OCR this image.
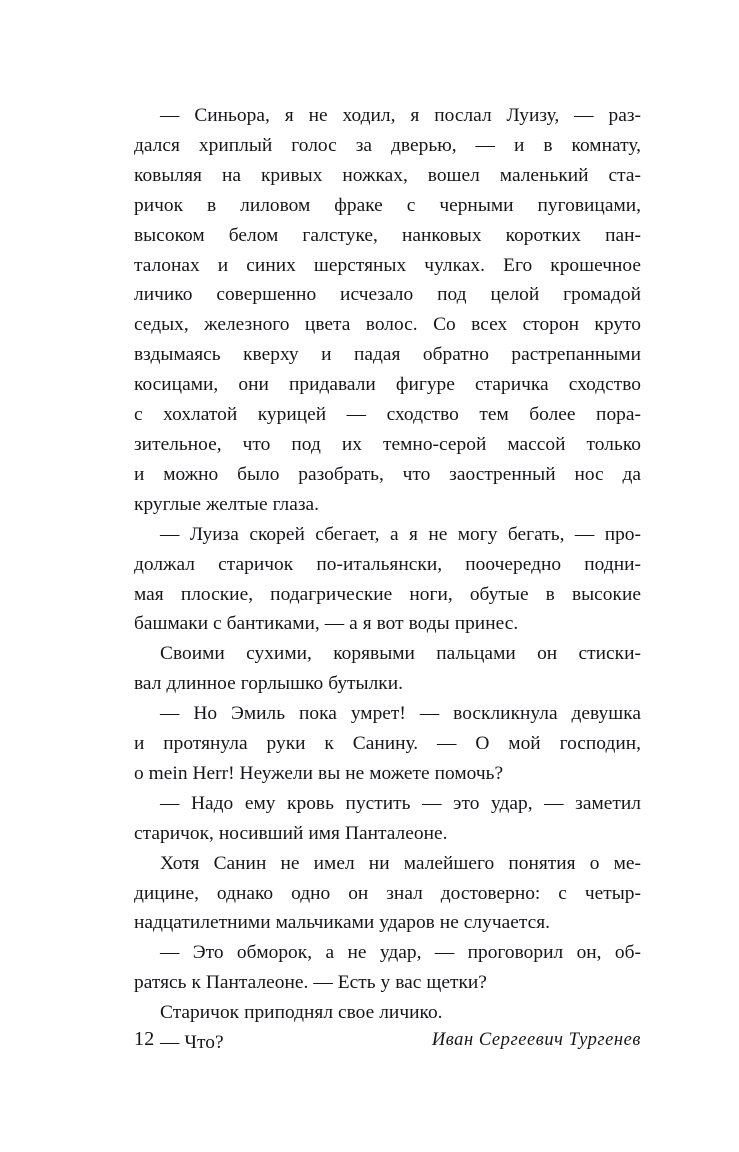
— Синьора, я не ходил, я послал Луизу, — раз-
дался хриплый голос за дверью, — и в комнату,
ковыляя на кривых ножках, вошел маленький ста-
ричок в лиловом фраке с черными пуговицами,
высоком белом галстуке, нанковых коротких пан-
талонах и синих шерстяных чулках. Его крошечное
личико совершенно исчезало под целой громадой
седых, железного цвета волос. Со всех сторон круто
вздымаясь кверху и падая обратно растрепанными
косицами, они придавали фигуре старичка сходство
с хохлатой курицей — сходство тем более пора-
зительное, что под их темно-серой массой только
и можно было разобрать, что заостренный нос да
круглые желтые глаза.

— Луиза скорей сбегает, а я не могу бегать, — про-
должал старичок по-итальянски, поочередно подни-
мая плоские, подагрические ноги, обутые в высокие
башмаки с бантиками, — а я вот воды принес.

Своими сухими, корявыми пальцами он стиски-
вал длинное горлышко бутылки.

— Но Эмиль пока умрет! — воскликнула девушка
и протянула руки к Санину. — О мой господин,
о mein Herr! Неужели вы не можете помочь?

— Надо ему кровь пустить — это удар, — заметил
старичок, носивший имя Панталеоне.

Хотя Санин не имел ни малейшего понятия о ме-
дицине, однако одно он знал достоверно: с четыр-
надцатилетними мальчиками ударов не случается.

— Это обморок, а не удар, — проговорил он, об-
ратясь к Панталеоне. — Есть у вас щетки?

Старичок приподнял свое личико.

— Что?

12	Иван Сергеевич Тургенев
